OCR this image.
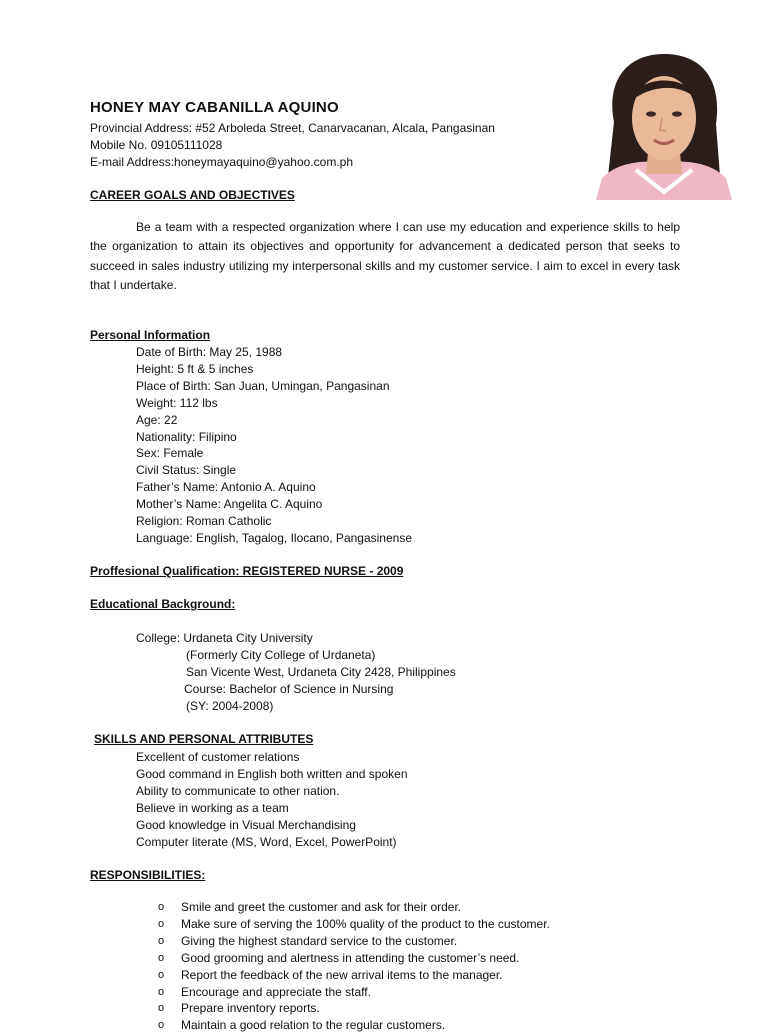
HONEY MAY CABANILLA AQUINO
Provincial Address: #52 Arboleda Street, Canarvacanan, Alcala, Pangasinan
Mobile No. 09105111028
E-mail Address:honeymayaquino@yahoo.com.ph
CAREER GOALS AND OBJECTIVES
Be a team with a respected organization where I can use my education and experience skills to help the organization to attain its objectives and opportunity for advancement a dedicated person that seeks to succeed in sales industry utilizing my interpersonal skills and my customer service. I aim to excel in every task that I undertake.
Personal Information
Date of Birth: May 25, 1988
Height: 5 ft & 5 inches
Place of Birth: San Juan, Umingan, Pangasinan
Weight: 112 lbs
Age: 22
Nationality: Filipino
Sex: Female
Civil Status: Single
Father’s Name: Antonio A. Aquino
Mother’s Name: Angelita C. Aquino
Religion: Roman Catholic
Language: English, Tagalog, Ilocano, Pangasinense
Proffesional Qualification: REGISTERED NURSE - 2009
Educational Background:
College: Urdaneta City University
(Formerly City College of Urdaneta)
San Vicente West, Urdaneta City 2428, Philippines
Course: Bachelor of Science in Nursing
(SY: 2004-2008)
SKILLS AND PERSONAL ATTRIBUTES
Excellent of customer relations
Good command in English both written and spoken
Ability to communicate to other nation.
Believe in working as a team
Good knowledge in Visual Merchandising
Computer literate (MS, Word, Excel, PowerPoint)
RESPONSIBILITIES:
o	Smile and greet the customer and ask for their order.
o	Make sure of serving the 100% quality of the product to the customer.
o	Giving the highest standard service to the customer.
o	Good grooming and alertness in attending the customer’s need.
o	Report the feedback of the new arrival items to the manager.
o	Encourage and appreciate the staff.
o	Prepare inventory reports.
o	Maintain a good relation to the regular customers.
